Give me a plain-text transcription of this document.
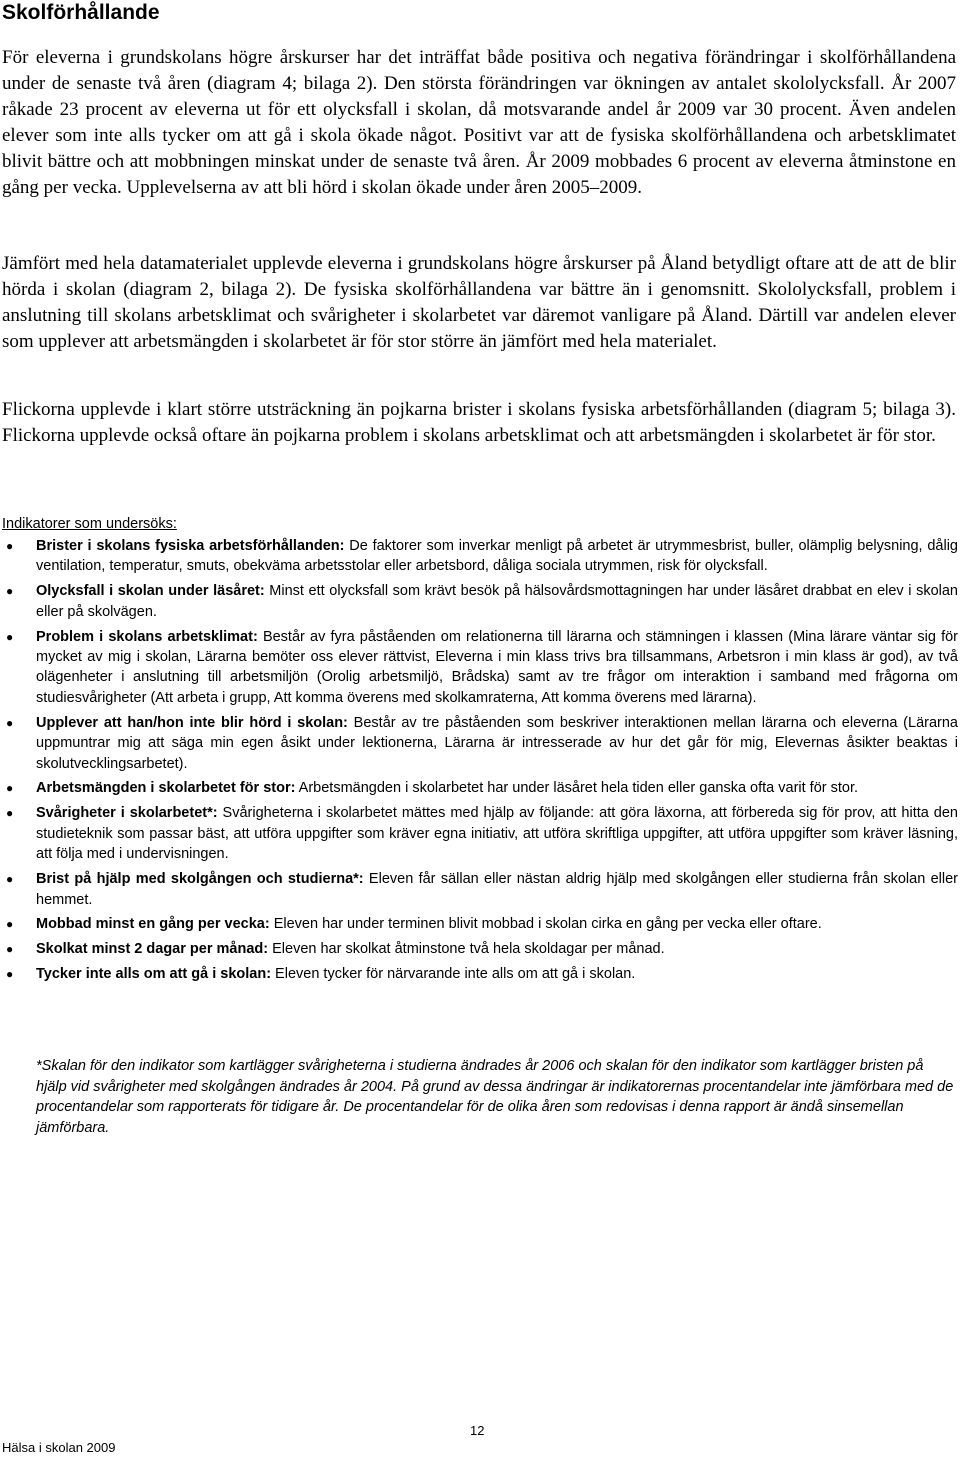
Skolförhållande

För eleverna i grundskolans högre årskurser har det inträffat både positiva och negativa förändringar i skolförhållandena under de senaste två åren (diagram 4; bilaga 2). Den största förändringen var ökningen av antalet skololycksfall. År 2007 råkade 23 procent av eleverna ut för ett olycksfall i skolan, då motsvarande andel år 2009 var 30 procent. Även andelen elever som inte alls tycker om att gå i skola ökade något. Positivt var att de fysiska skolförhållandena och arbetsklimatet blivit bättre och att mobbningen minskat under de senaste två åren. År 2009 mobbades 6 procent av eleverna åtminstone en gång per vecka. Upplevelserna av att bli hörd i skolan ökade under åren 2005–2009.

Jämfört med hela datamaterialet upplevde eleverna i grundskolans högre årskurser på Åland betydligt oftare att de att de blir hörda i skolan (diagram 2, bilaga 2). De fysiska skolförhållandena var bättre än i genomsnitt. Skololycksfall, problem i anslutning till skolans arbetsklimat och svårigheter i skolarbetet var däremot vanligare på Åland. Därtill var andelen elever som upplever att arbetsmängden i skolarbetet är för stor större än jämfört med hela materialet.

Flickorna upplevde i klart större utsträckning än pojkarna brister i skolans fysiska arbetsförhållanden (diagram 5; bilaga 3). Flickorna upplevde också oftare än pojkarna problem i skolans arbetsklimat och att arbetsmängden i skolarbetet är för stor.

Indikatorer som undersöks:
● Brister i skolans fysiska arbetsförhållanden: De faktorer som inverkar menligt på arbetet är utrymmesbrist, buller, olämplig belysning, dålig ventilation, temperatur, smuts, obekväma arbetsstolar eller arbetsbord, dåliga sociala utrymmen, risk för olycksfall.
● Olycksfall i skolan under läsåret: Minst ett olycksfall som krävt besök på hälsovårdsmottagningen har under läsåret drabbat en elev i skolan eller på skolvägen.
● Problem i skolans arbetsklimat: Består av fyra påståenden om relationerna till lärarna och stämningen i klassen (Mina lärare väntar sig för mycket av mig i skolan, Lärarna bemöter oss elever rättvist, Eleverna i min klass trivs bra tillsammans, Arbetsron i min klass är god), av två olägenheter i anslutning till arbetsmiljön (Orolig arbetsmiljö, Brådska) samt av tre frågor om interaktion i samband med frågorna om studiesvårigheter (Att arbeta i grupp, Att komma överens med skolkamraterna, Att komma överens med lärarna).
● Upplever att han/hon inte blir hörd i skolan: Består av tre påståenden som beskriver interaktionen mellan lärarna och eleverna (Lärarna uppmuntrar mig att säga min egen åsikt under lektionerna, Lärarna är intresserade av hur det går för mig, Elevernas åsikter beaktas i skolutvecklingsarbetet).
● Arbetsmängden i skolarbetet för stor: Arbetsmängden i skolarbetet har under läsåret hela tiden eller ganska ofta varit för stor.
● Svårigheter i skolarbetet*: Svårigheterna i skolarbetet mättes med hjälp av följande: att göra läxorna, att förbereda sig för prov, att hitta den studieteknik som passar bäst, att utföra uppgifter som kräver egna initiativ, att utföra skriftliga uppgifter, att utföra uppgifter som kräver läsning, att följa med i undervisningen.
● Brist på hjälp med skolgången och studierna*: Eleven får sällan eller nästan aldrig hjälp med skolgången eller studierna från skolan eller hemmet.
● Mobbad minst en gång per vecka: Eleven har under terminen blivit mobbad i skolan cirka en gång per vecka eller oftare.
● Skolkat minst 2 dagar per månad: Eleven har skolkat åtminstone två hela skoldagar per månad.
● Tycker inte alls om att gå i skolan: Eleven tycker för närvarande inte alls om att gå i skolan.

*Skalan för den indikator som kartlägger svårigheterna i studierna ändrades år 2006 och skalan för den indikator som kartlägger bristen på hjälp vid svårigheter med skolgången ändrades år 2004. På grund av dessa ändringar är indikatorernas procentandelar inte jämförbara med de procentandelar som rapporterats för tidigare år. De procentandelar för de olika åren som redovisas i denna rapport är ändå sinsemellan jämförbara.

12
Hälsa i skolan 2009
